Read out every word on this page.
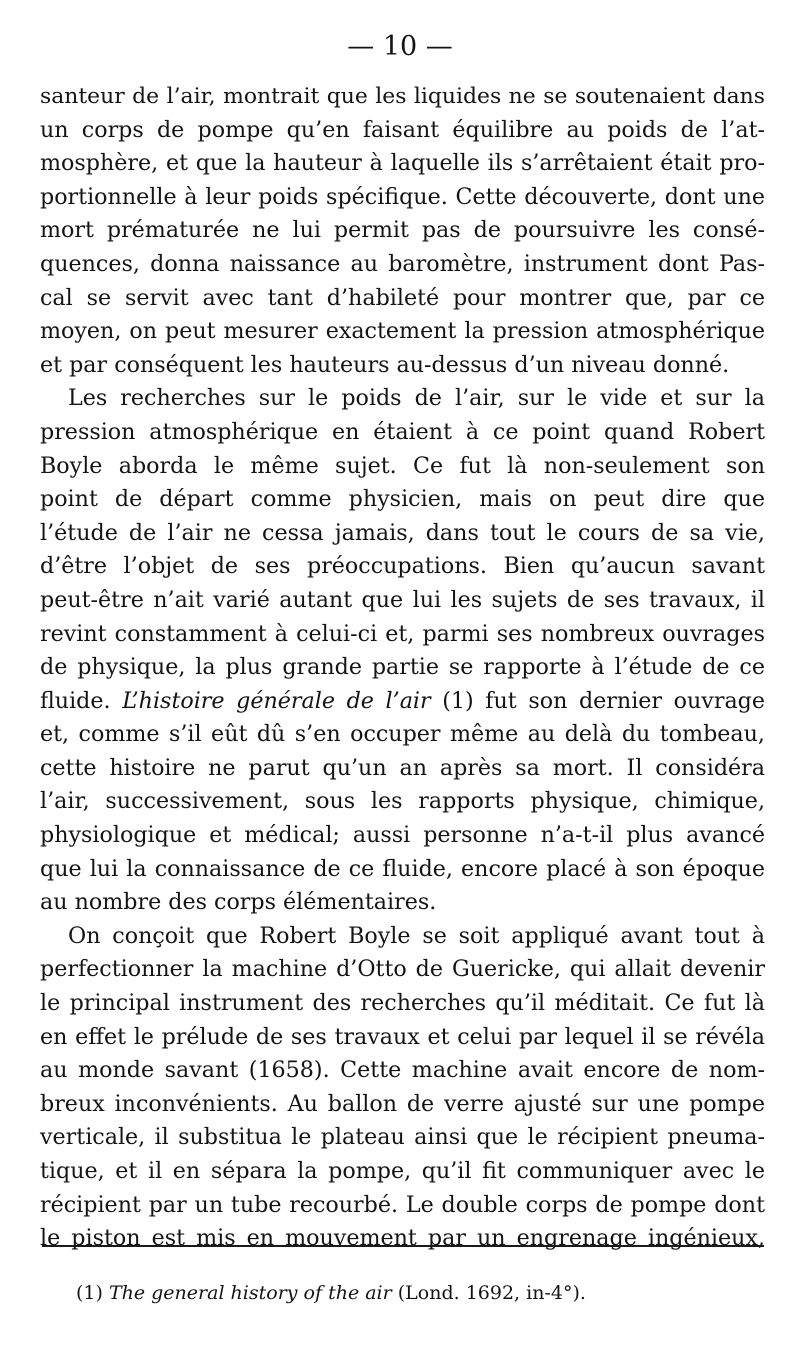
— 10 —
santeur de l’air, montrait que les liquides ne se soutenaient dans
un corps de pompe qu’en faisant équilibre au poids de l’at-
mosphère, et que la hauteur à laquelle ils s’arrêtaient était pro-
portionnelle à leur poids spécifique. Cette découverte, dont une
mort prématurée ne lui permit pas de poursuivre les consé-
quences, donna naissance au baromètre, instrument dont Pas-
cal se servit avec tant d’habileté pour montrer que, par ce
moyen, on peut mesurer exactement la pression atmosphérique
et par conséquent les hauteurs au-dessus d’un niveau donné.
Les recherches sur le poids de l’air, sur le vide et sur la
pression atmosphérique en étaient à ce point quand Robert
Boyle aborda le même sujet. Ce fut là non-seulement son
point de départ comme physicien, mais on peut dire que
l’étude de l’air ne cessa jamais, dans tout le cours de sa vie,
d’être l’objet de ses préoccupations. Bien qu’aucun savant
peut-être n’ait varié autant que lui les sujets de ses travaux, il
revint constamment à celui-ci et, parmi ses nombreux ouvrages
de physique, la plus grande partie se rapporte à l’étude de ce
fluide. L’histoire générale de l’air (1) fut son dernier ouvrage
et, comme s’il eût dû s’en occuper même au delà du tombeau,
cette histoire ne parut qu’un an après sa mort. Il considéra
l’air, successivement, sous les rapports physique, chimique,
physiologique et médical; aussi personne n’a-t-il plus avancé
que lui la connaissance de ce fluide, encore placé à son époque
au nombre des corps élémentaires.
On conçoit que Robert Boyle se soit appliqué avant tout à
perfectionner la machine d’Otto de Guericke, qui allait devenir
le principal instrument des recherches qu’il méditait. Ce fut là
en effet le prélude de ses travaux et celui par lequel il se révéla
au monde savant (1658). Cette machine avait encore de nom-
breux inconvénients. Au ballon de verre ajusté sur une pompe
verticale, il substitua le plateau ainsi que le récipient pneuma-
tique, et il en sépara la pompe, qu’il fit communiquer avec le
récipient par un tube recourbé. Le double corps de pompe dont
le piston est mis en mouvement par un engrenage ingénieux,
(1) The general history of the air (Lond. 1692, in-4°).
